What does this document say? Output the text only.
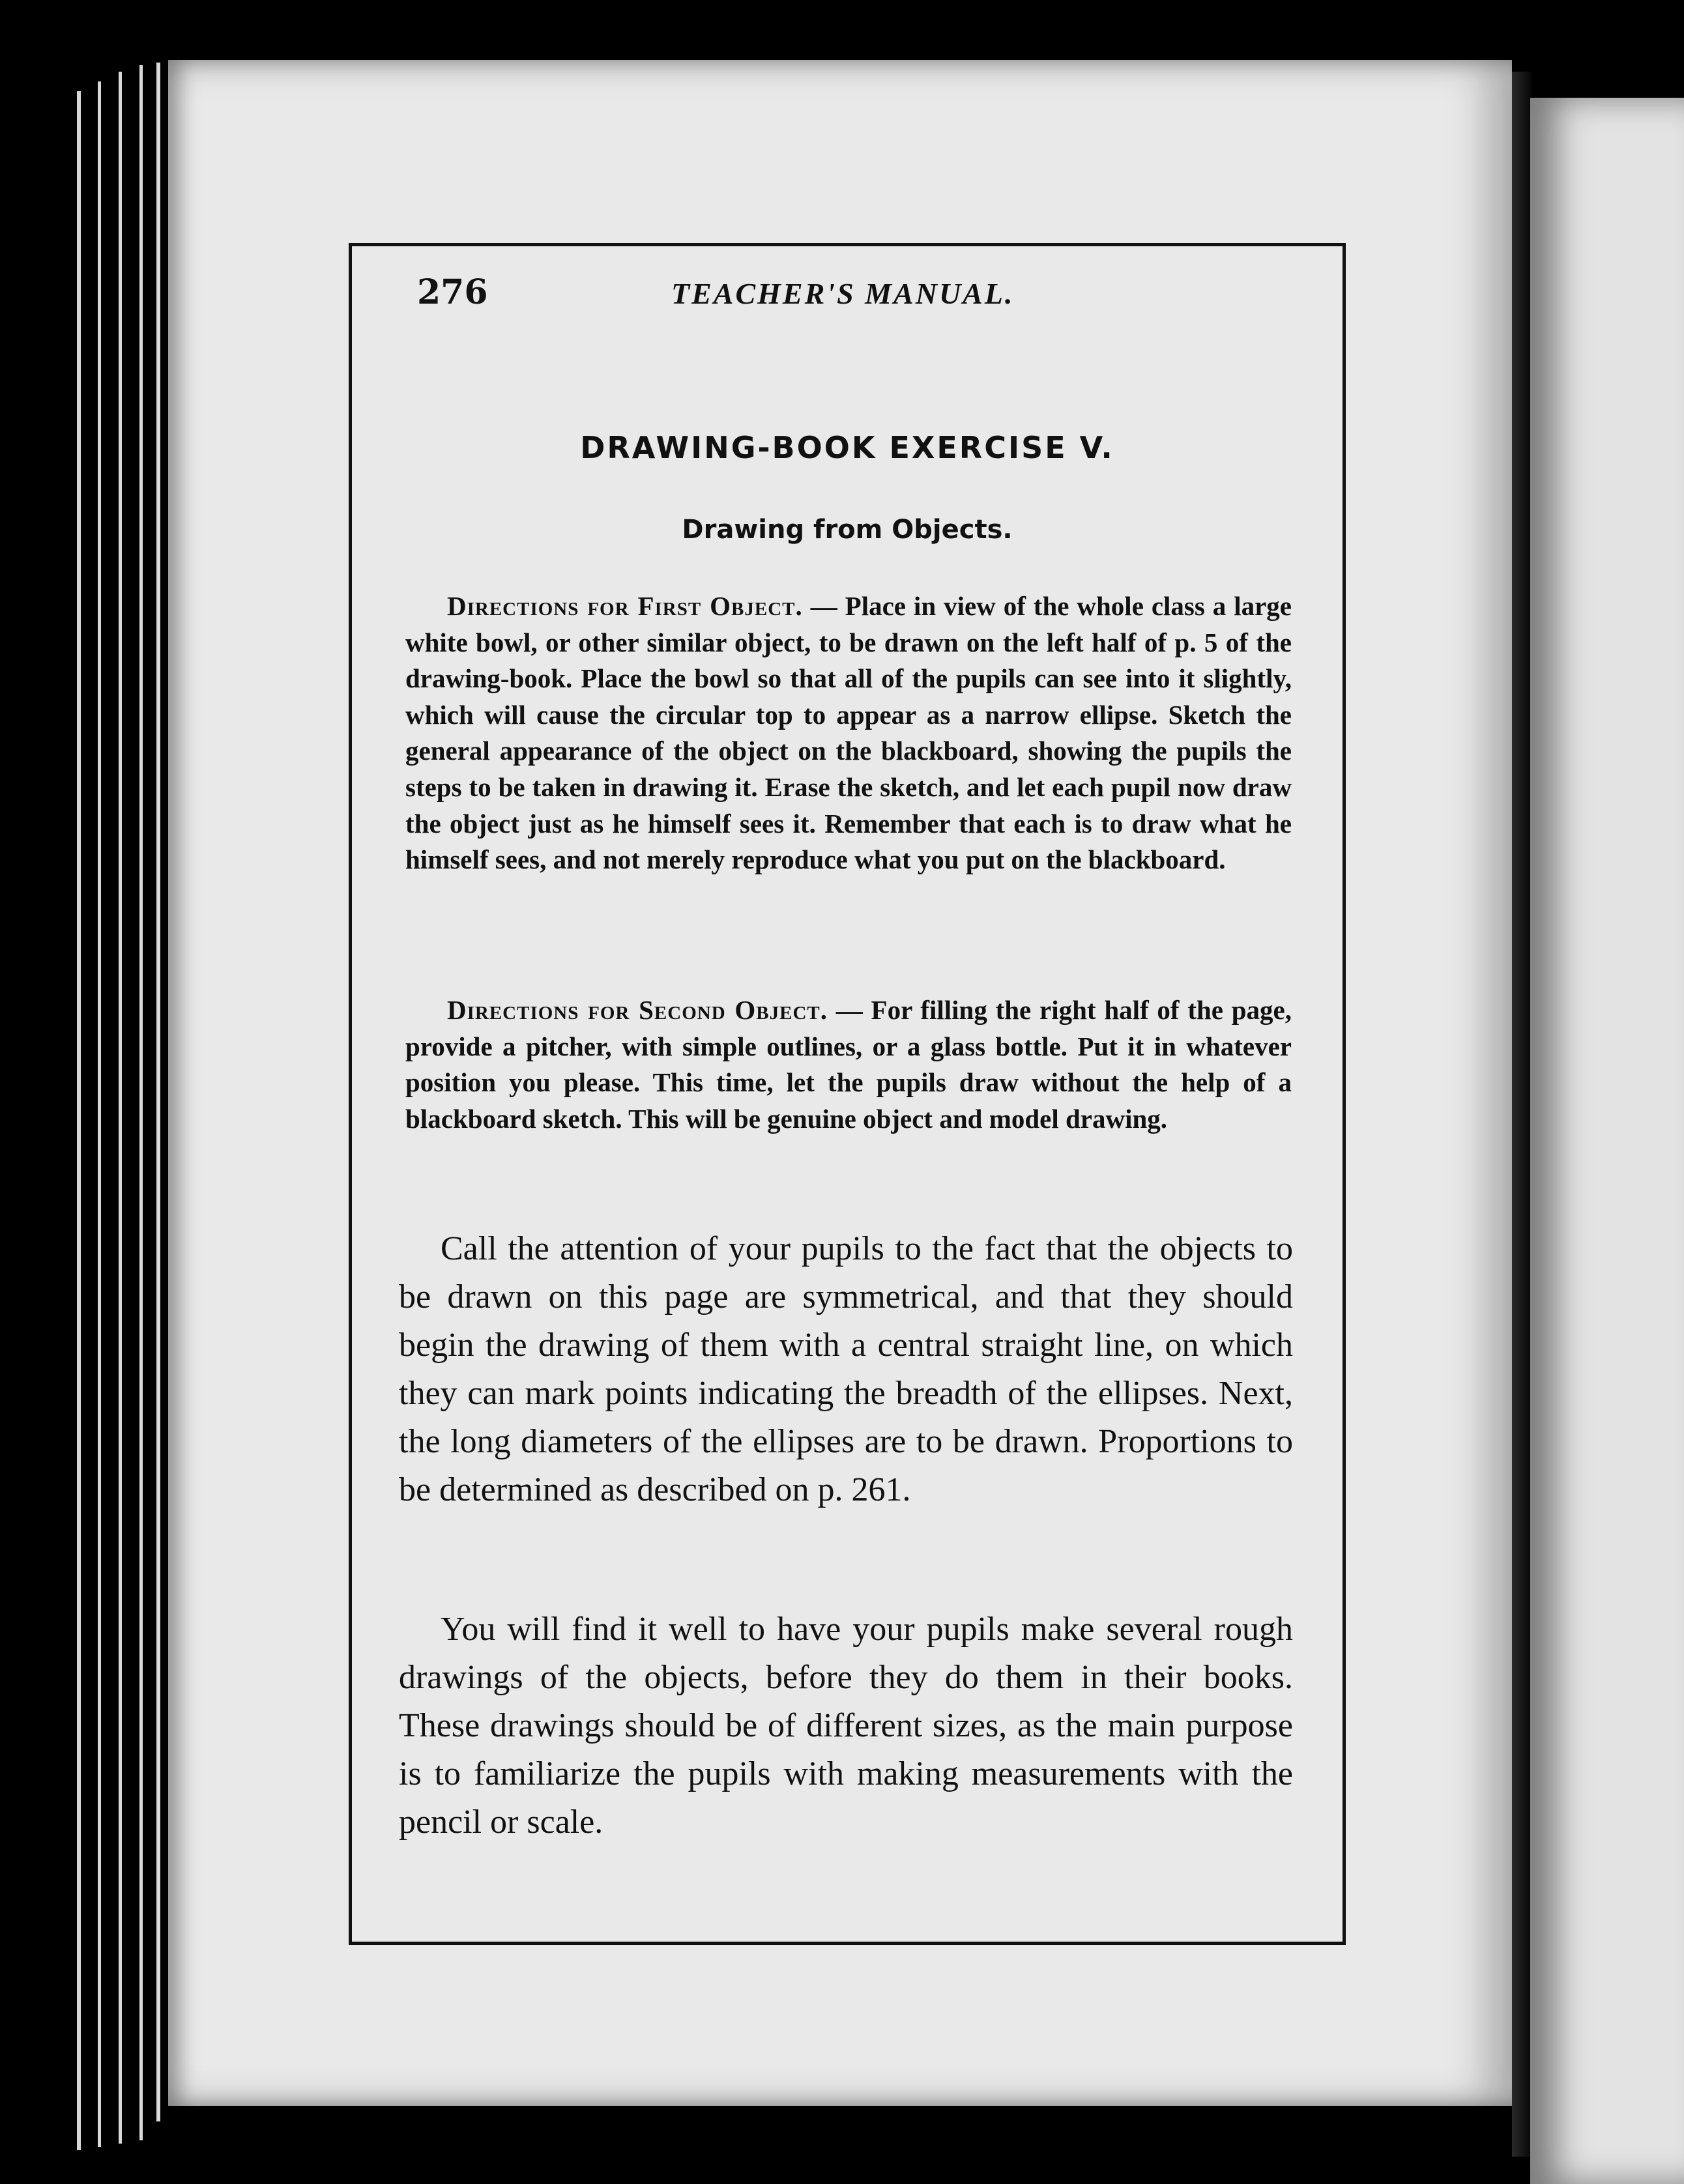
276	TEACHER'S MANUAL.
DRAWING-BOOK EXERCISE V.
Drawing from Objects.

Directions for First Object. — Place in view of the whole class a large white bowl, or other similar object, to be drawn on the left half of p. 5 of the drawing-book. Place the bowl so that all of the pupils can see into it slightly, which will cause the circular top to appear as a narrow ellipse. Sketch the general appearance of the object on the blackboard, showing the pupils the steps to be taken in drawing it. Erase the sketch, and let each pupil now draw the object just as he himself sees it. Remember that each is to draw what he himself sees, and not merely reproduce what you put on the blackboard.

Directions for Second Object. — For filling the right half of the page, provide a pitcher, with simple outlines, or a glass bottle. Put it in whatever position you please. This time, let the pupils draw without the help of a blackboard sketch. This will be genuine object and model drawing.

Call the attention of your pupils to the fact that the objects to be drawn on this page are symmetrical, and that they should begin the drawing of them with a central straight line, on which they can mark points indicating the breadth of the ellipses. Next, the long diameters of the ellipses are to be drawn. Proportions to be determined as described on p. 261.

You will find it well to have your pupils make several rough drawings of the objects, before they do them in their books. These drawings should be of different sizes, as the main purpose is to familiarize the pupils with making measurements with the pencil or scale.
